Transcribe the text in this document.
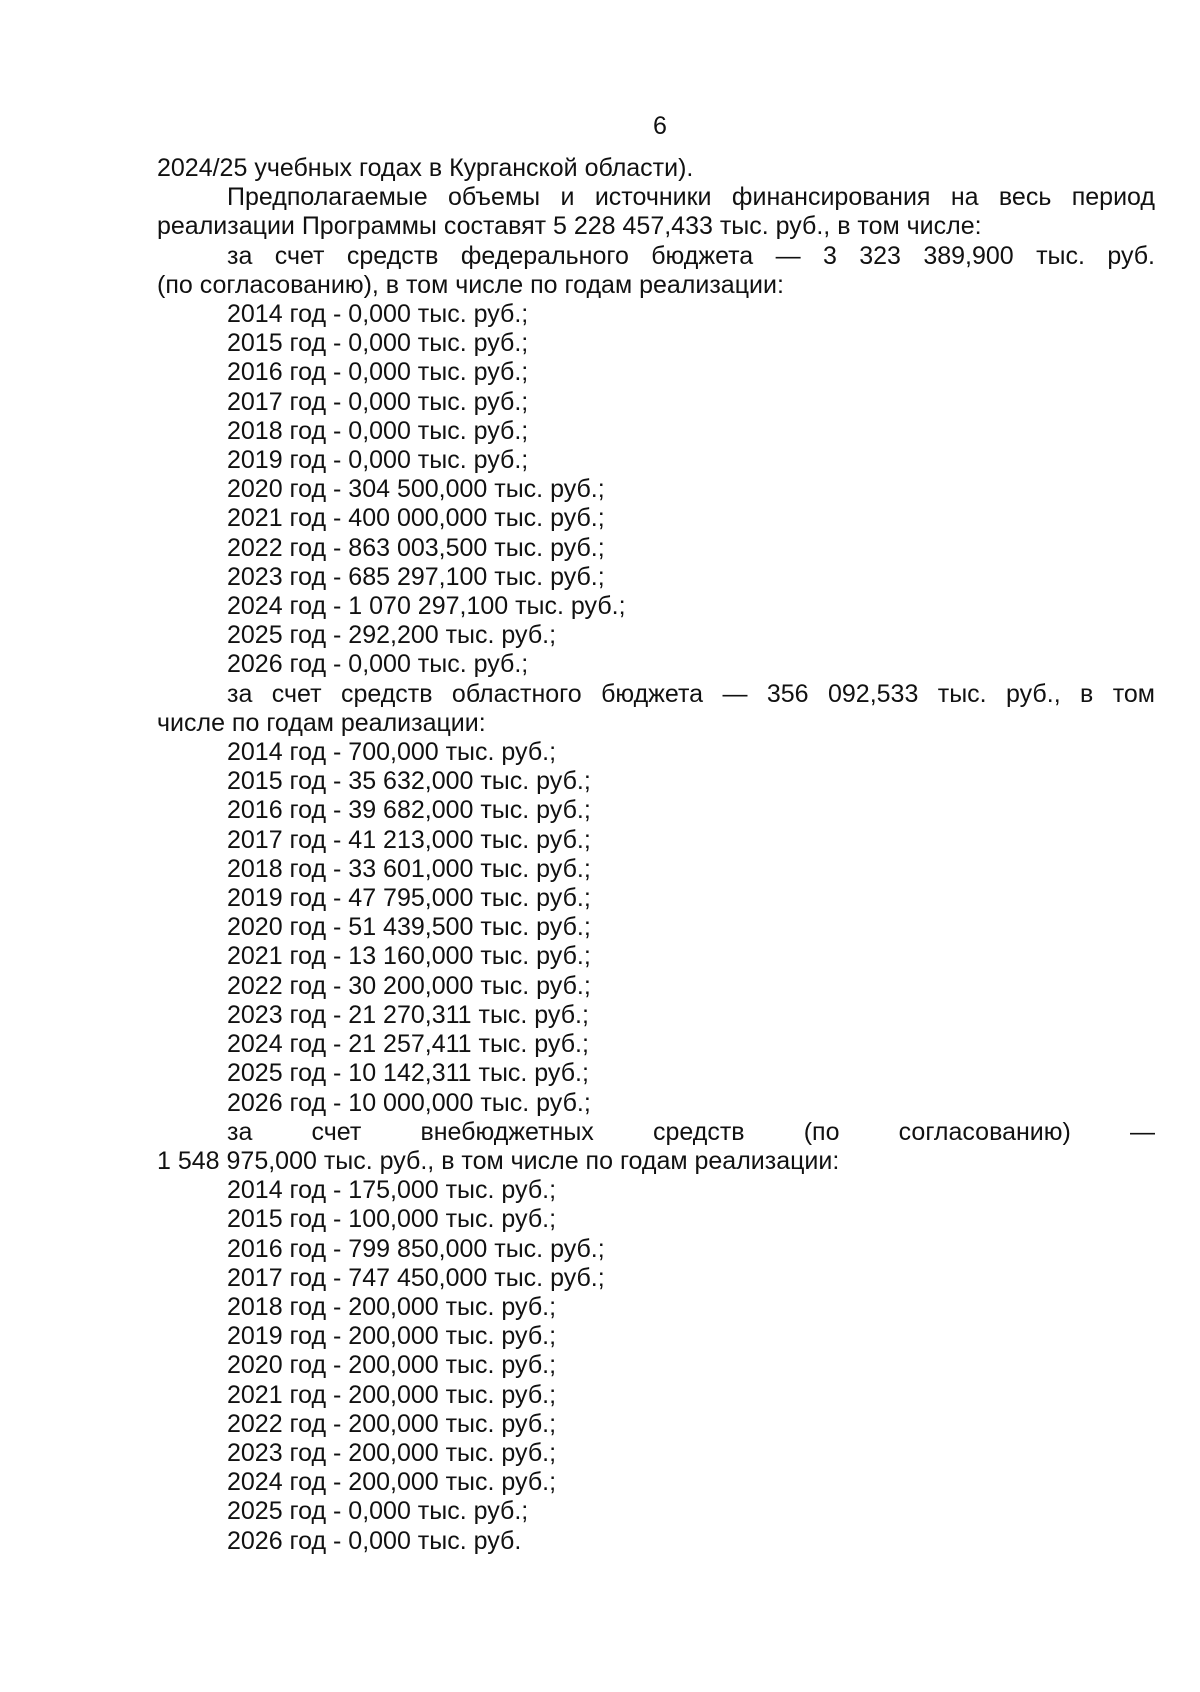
6
2024/25 учебных годах в Курганской области).
Предполагаемые объемы и источники финансирования на весь период
реализации Программы составят 5 228 457,433 тыс. руб., в том числе:
за счет средств федерального бюджета — 3 323 389,900 тыс. руб.
(по согласованию), в том числе по годам реализации:
2014 год - 0,000 тыс. руб.;
2015 год - 0,000 тыс. руб.;
2016 год - 0,000 тыс. руб.;
2017 год - 0,000 тыс. руб.;
2018 год - 0,000 тыс. руб.;
2019 год - 0,000 тыс. руб.;
2020 год - 304 500,000 тыс. руб.;
2021 год - 400 000,000 тыс. руб.;
2022 год - 863 003,500 тыс. руб.;
2023 год - 685 297,100 тыс. руб.;
2024 год - 1 070 297,100 тыс. руб.;
2025 год - 292,200 тыс. руб.;
2026 год - 0,000 тыс. руб.;
за счет средств областного бюджета — 356 092,533 тыс. руб., в том
числе по годам реализации:
2014 год - 700,000 тыс. руб.;
2015 год - 35 632,000 тыс. руб.;
2016 год - 39 682,000 тыс. руб.;
2017 год - 41 213,000 тыс. руб.;
2018 год - 33 601,000 тыс. руб.;
2019 год - 47 795,000 тыс. руб.;
2020 год - 51 439,500 тыс. руб.;
2021 год - 13 160,000 тыс. руб.;
2022 год - 30 200,000 тыс. руб.;
2023 год - 21 270,311 тыс. руб.;
2024 год - 21 257,411 тыс. руб.;
2025 год - 10 142,311 тыс. руб.;
2026 год - 10 000,000 тыс. руб.;
за счет внебюджетных средств (по согласованию) —
1 548 975,000 тыс. руб., в том числе по годам реализации:
2014 год - 175,000 тыс. руб.;
2015 год - 100,000 тыс. руб.;
2016 год - 799 850,000 тыс. руб.;
2017 год - 747 450,000 тыс. руб.;
2018 год - 200,000 тыс. руб.;
2019 год - 200,000 тыс. руб.;
2020 год - 200,000 тыс. руб.;
2021 год - 200,000 тыс. руб.;
2022 год - 200,000 тыс. руб.;
2023 год - 200,000 тыс. руб.;
2024 год - 200,000 тыс. руб.;
2025 год - 0,000 тыс. руб.;
2026 год - 0,000 тыс. руб.
